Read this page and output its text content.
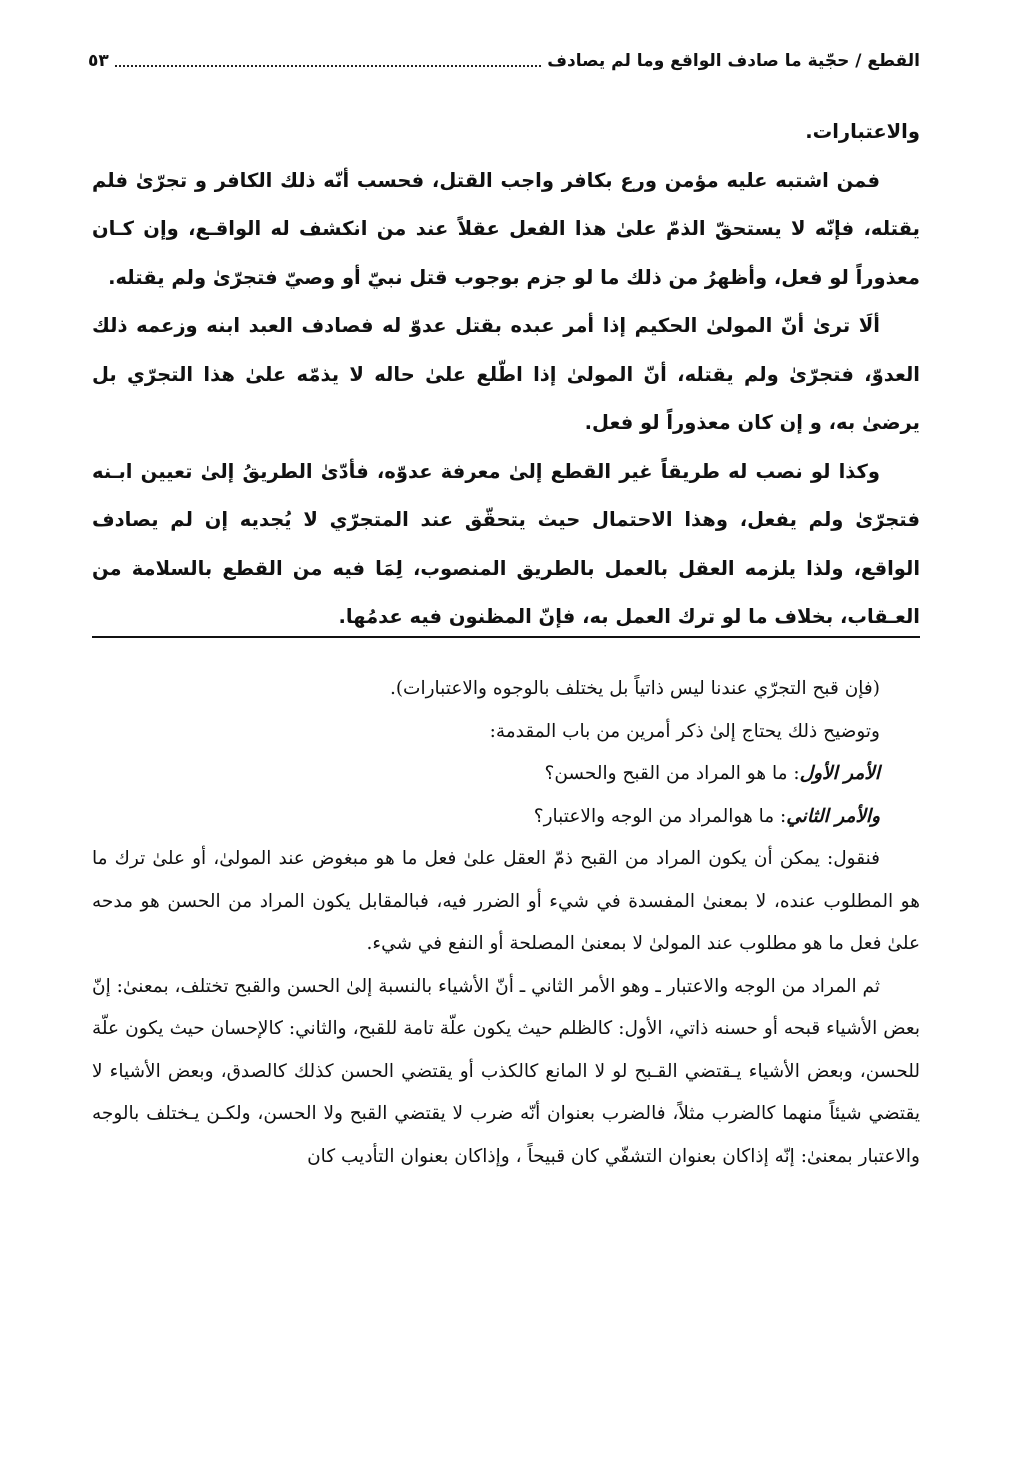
القطع / حجّية ما صادف الواقع وما لم يصادف
٥٣

والاعتبارات.

فمن اشتبه عليه مؤمن ورع بكافر واجب القتل، فحسب أنّه ذلك الكافر و تجرّىٰ فلم يقتله، فإنّه لا يستحقّ الذمّ علىٰ هذا الفعل عقلاً عند من انكشف له الواقـع، وإن كـان معذوراً لو فعل، وأظهرُ من ذلك ما لو جزم بوجوب قتل نبيّ أو وصيّ فتجرّىٰ ولم يقتله.

ألَا ترىٰ أنّ المولىٰ الحكيم إذا أمر عبده بقتل عدوّ له فصادف العبد ابنه وزعمه ذلك العدوّ، فتجرّىٰ ولم يقتله، أنّ المولىٰ إذا اطّلع علىٰ حاله لا يذمّه علىٰ هذا التجرّي بل يرضىٰ به، و إن كان معذوراً لو فعل.

وكذا لو نصب له طريقاً غير القطع إلىٰ معرفة عدوّه، فأدّىٰ الطريقُ إلىٰ تعيين ابـنه فتجرّىٰ ولم يفعل، وهذا الاحتمال حيث يتحقّق عند المتجرّي لا يُجديه إن لم يصادف الواقع، ولذا يلزمه العقل بالعمل بالطريق المنصوب، لِمَا فيه من القطع بالسلامة من العـقاب، بخلاف ما لو ترك العمل به، فإنّ المظنون فيه عدمُها.

(فإن قبح التجرّي عندنا ليس ذاتياً بل يختلف بالوجوه والاعتبارات).

وتوضيح ذلك يحتاج إلىٰ ذكر أمرين من باب المقدمة:

الأمر الأول: ما هو المراد من القبح والحسن؟

والأمر الثاني: ما هوالمراد من الوجه والاعتبار؟

فنقول: يمكن أن يكون المراد من القبح ذمّ العقل علىٰ فعل ما هو مبغوض عند المولىٰ، أو علىٰ ترك ما هو المطلوب عنده، لا بمعنىٰ المفسدة في شيء أو الضرر فيه، فبالمقابل يكون المراد من الحسن هو مدحه علىٰ فعل ما هو مطلوب عند المولىٰ لا بمعنىٰ المصلحة أو النفع في شيء.

ثم المراد من الوجه والاعتبار ـ وهو الأمر الثاني ـ أنّ الأشياء بالنسبة إلىٰ الحسن والقبح تختلف، بمعنىٰ: إنّ بعض الأشياء قبحه أو حسنه ذاتي، الأول: كالظلم حيث يكون علّة تامة للقبح، والثاني: كالإحسان حيث يكون علّة للحسن، وبعض الأشياء يـقتضي القـبح لو لا المانع كالكذب أو يقتضي الحسن كذلك كالصدق، وبعض الأشياء لا يقتضي شيئاً منهما كالضرب مثلاً، فالضرب بعنوان أنّه ضرب لا يقتضي القبح ولا الحسن، ولكـن يـختلف بالوجه والاعتبار بمعنىٰ: إنّه إذاكان بعنوان التشفّي كان قبيحاً ، وإذاكان بعنوان التأديب كان
